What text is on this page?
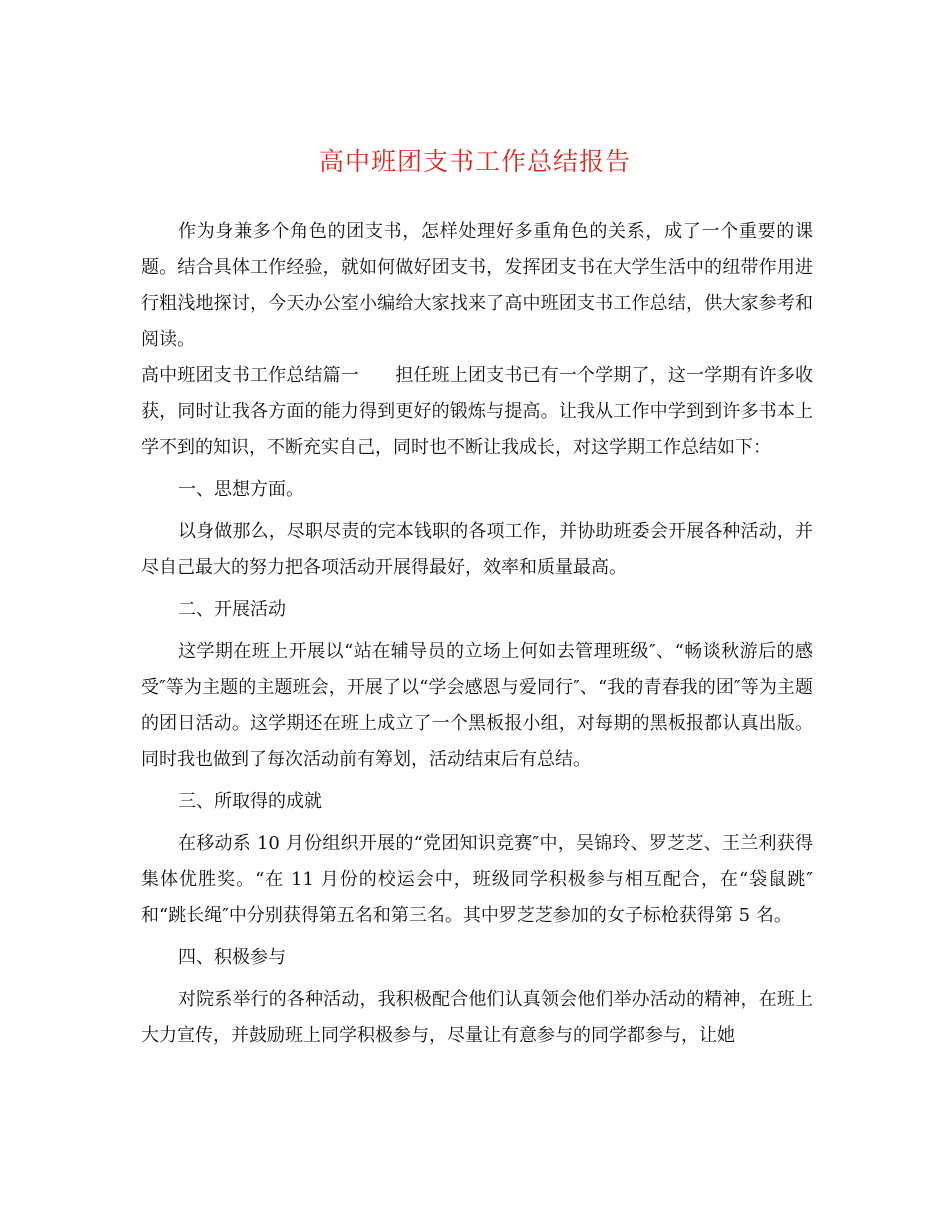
高中班团支书工作总结报告

作为身兼多个角色的团支书，怎样处理好多重角色的关系，成了一个重要的课题。结合具体工作经验，就如何做好团支书，发挥团支书在大学生活中的纽带作用进行粗浅地探讨，今天办公室小编给大家找来了高中班团支书工作总结，供大家参考和阅读。

高中班团支书工作总结篇一　　担任班上团支书已有一个学期了，这一学期有许多收获，同时让我各方面的能力得到更好的锻炼与提高。让我从工作中学到到许多书本上学不到的知识，不断充实自己，同时也不断让我成长，对这学期工作总结如下：

一、思想方面。

以身做那么，尽职尽责的完本钱职的各项工作，并协助班委会开展各种活动，并尽自己最大的努力把各项活动开展得最好，效率和质量最高。

二、开展活动

这学期在班上开展以“站在辅导员的立场上何如去管理班级″、“畅谈秋游后的感受″等为主题的主题班会，开展了以“学会感恩与爱同行″、“我的青春我的团″等为主题的团日活动。这学期还在班上成立了一个黑板报小组，对每期的黑板报都认真出版。同时我也做到了每次活动前有筹划，活动结束后有总结。

三、所取得的成就

在移动系 10 月份组织开展的“党团知识竞赛″中，吴锦玲、罗芝芝、王兰利获得集体优胜奖。“在 11 月份的校运会中，班级同学积极参与相互配合，在“袋鼠跳″和“跳长绳″中分别获得第五名和第三名。其中罗芝芝参加的女子标枪获得第 5 名。

四、积极参与

对院系举行的各种活动，我积极配合他们认真领会他们举办活动的精神，在班上大力宣传，并鼓励班上同学积极参与，尽量让有意参与的同学都参与，让她
